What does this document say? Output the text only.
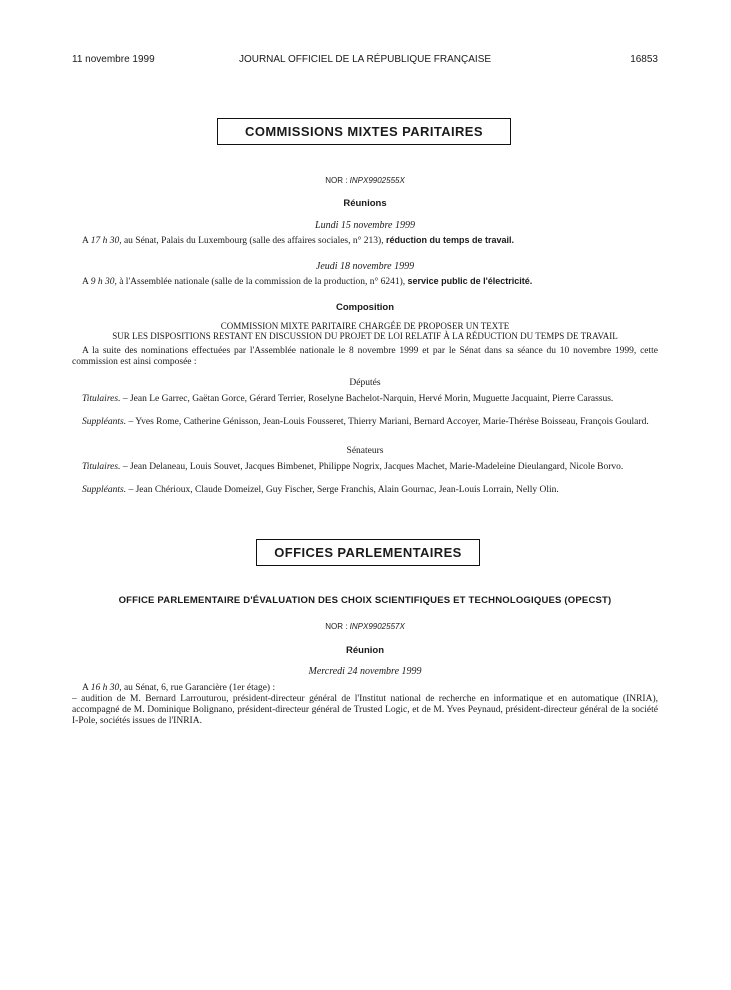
11 novembre 1999	JOURNAL OFFICIEL DE LA RÉPUBLIQUE FRANÇAISE	16853
COMMISSIONS MIXTES PARITAIRES
NOR : INPX9902555X
Réunions
Lundi 15 novembre 1999
A 17 h 30, au Sénat, Palais du Luxembourg (salle des affaires sociales, n° 213), réduction du temps de travail.
Jeudi 18 novembre 1999
A 9 h 30, à l'Assemblée nationale (salle de la commission de la production, n° 6241), service public de l'électricité.
Composition
COMMISSION MIXTE PARITAIRE CHARGÉE DE PROPOSER UN TEXTE
SUR LES DISPOSITIONS RESTANT EN DISCUSSION DU PROJET DE LOI RELATIF À LA RÉDUCTION DU TEMPS DE TRAVAIL
A la suite des nominations effectuées par l'Assemblée nationale le 8 novembre 1999 et par le Sénat dans sa séance du 10 novembre 1999, cette commission est ainsi composée :
Députés
Titulaires. – Jean Le Garrec, Gaëtan Gorce, Gérard Terrier, Roselyne Bachelot-Narquin, Hervé Morin, Muguette Jacquaint, Pierre Carassus.
Suppléants. – Yves Rome, Catherine Génisson, Jean-Louis Fousseret, Thierry Mariani, Bernard Accoyer, Marie-Thérèse Boisseau, François Goulard.
Sénateurs
Titulaires. – Jean Delaneau, Louis Souvet, Jacques Bimbenet, Philippe Nogrix, Jacques Machet, Marie-Madeleine Dieulangard, Nicole Borvo.
Suppléants. – Jean Chérioux, Claude Domeizel, Guy Fischer, Serge Franchis, Alain Gournac, Jean-Louis Lorrain, Nelly Olin.
OFFICES PARLEMENTAIRES
OFFICE PARLEMENTAIRE D'ÉVALUATION DES CHOIX SCIENTIFIQUES ET TECHNOLOGIQUES (OPECST)
NOR : INPX9902557X
Réunion
Mercredi 24 novembre 1999
A 16 h 30, au Sénat, 6, rue Garancière (1er étage) :
– audition de M. Bernard Larrouturou, président-directeur général de l'Institut national de recherche en informatique et en automatique (INRIA), accompagné de M. Dominique Bolignano, président-directeur général de Trusted Logic, et de M. Yves Peynaud, président-directeur général de la société I-Pole, sociétés issues de l'INRIA.
